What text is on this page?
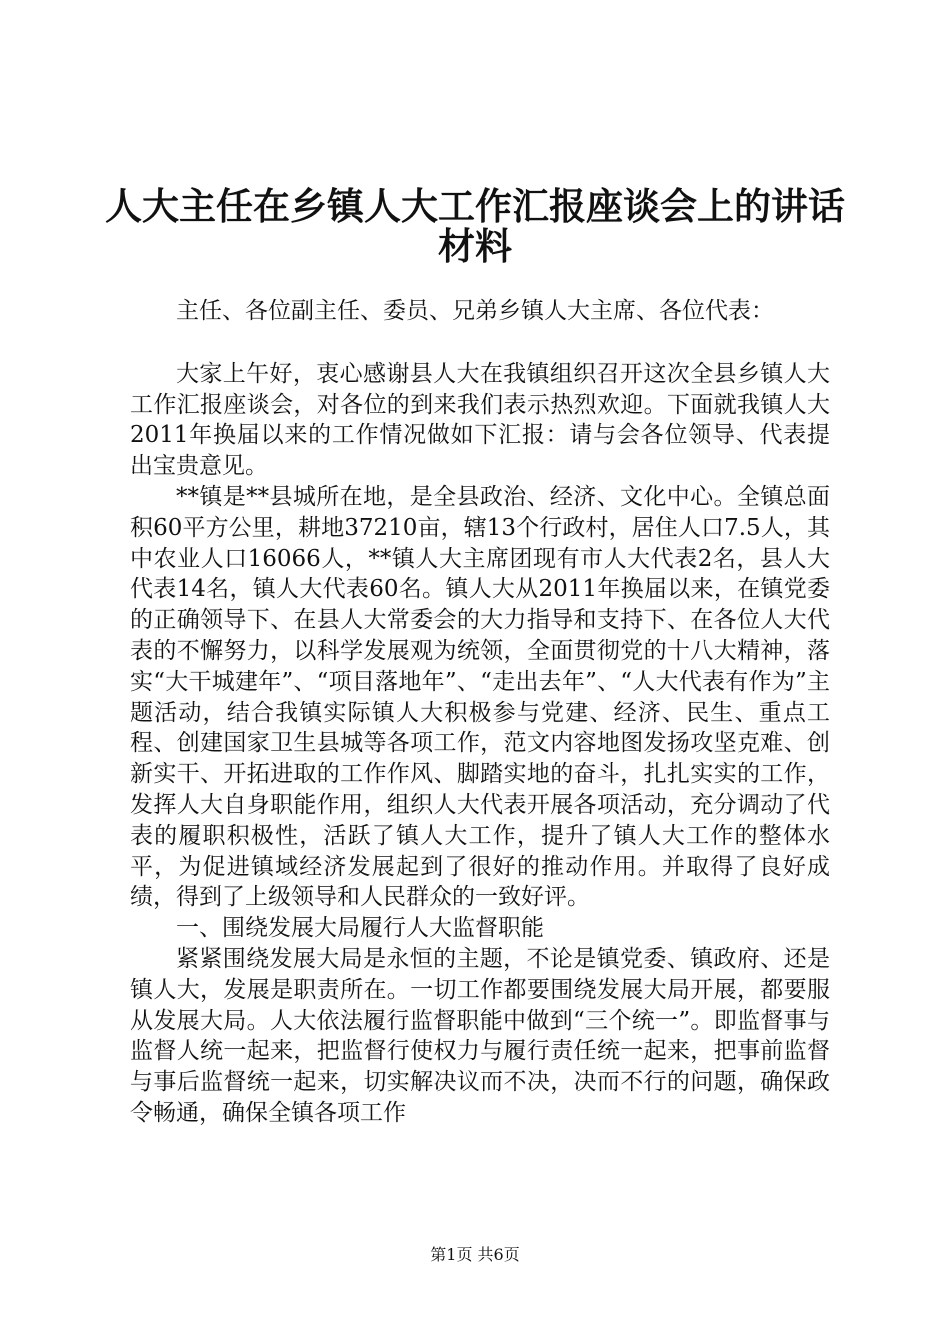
人大主任在乡镇人大工作汇报座谈会上的讲话
材料

主任、各位副主任、委员、兄弟乡镇人大主席、各位代表：

大家上午好，衷心感谢县人大在我镇组织召开这次全县乡镇人大工作汇报座谈会，对各位的到来我们表示热烈欢迎。下面就我镇人大2011年换届以来的工作情况做如下汇报：请与会各位领导、代表提出宝贵意见。

**镇是**县城所在地，是全县政治、经济、文化中心。全镇总面积60平方公里，耕地37210亩，辖13个行政村，居住人口7.5人，其中农业人口16066人，**镇人大主席团现有市人大代表2名，县人大代表14名，镇人大代表60名。镇人大从2011年换届以来，在镇党委的正确领导下、在县人大常委会的大力指导和支持下、在各位人大代表的不懈努力，以科学发展观为统领，全面贯彻党的十八大精神，落实“大干城建年”、“项目落地年”、“走出去年”、“人大代表有作为”主题活动，结合我镇实际镇人大积极参与党建、经济、民生、重点工程、创建国家卫生县城等各项工作，范文内容地图发扬攻坚克难、创新实干、开拓进取的工作作风、脚踏实地的奋斗，扎扎实实的工作，发挥人大自身职能作用，组织人大代表开展各项活动，充分调动了代表的履职积极性，活跃了镇人大工作，提升了镇人大工作的整体水平，为促进镇域经济发展起到了很好的推动作用。并取得了良好成绩，得到了上级领导和人民群众的一致好评。

一、围绕发展大局履行人大监督职能

紧紧围绕发展大局是永恒的主题，不论是镇党委、镇政府、还是镇人大，发展是职责所在。一切工作都要围绕发展大局开展，都要服从发展大局。人大依法履行监督职能中做到“三个统一”。即监督事与监督人统一起来，把监督行使权力与履行责任统一起来，把事前监督与事后监督统一起来，切实解决议而不决，决而不行的问题，确保政令畅通，确保全镇各项工作

第1页 共6页
